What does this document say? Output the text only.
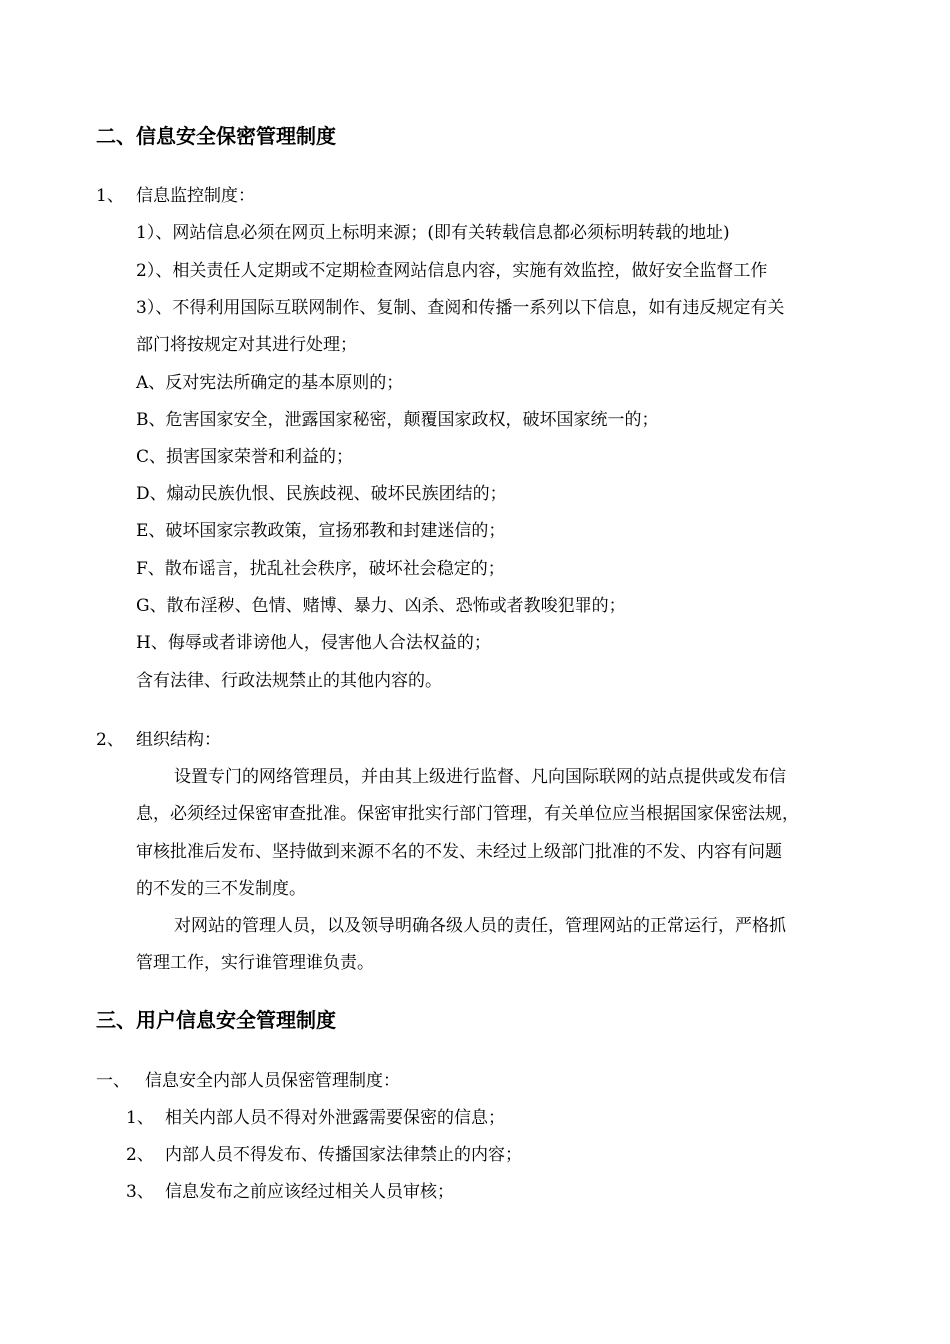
二、信息安全保密管理制度
1、 信息监控制度：
1）、网站信息必须在网页上标明来源；(即有关转载信息都必须标明转载的地址)
2）、相关责任人定期或不定期检查网站信息内容，实施有效监控，做好安全监督工作
3）、不得利用国际互联网制作、复制、查阅和传播一系列以下信息，如有违反规定有关
部门将按规定对其进行处理；
A、反对宪法所确定的基本原则的；
B、危害国家安全，泄露国家秘密，颠覆国家政权，破坏国家统一的；
C、损害国家荣誉和利益的；
D、煽动民族仇恨、民族歧视、破坏民族团结的；
E、破坏国家宗教政策，宣扬邪教和封建迷信的；
F、散布谣言，扰乱社会秩序，破坏社会稳定的；
G、散布淫秽、色情、赌博、暴力、凶杀、恐怖或者教唆犯罪的；
H、侮辱或者诽谤他人，侵害他人合法权益的；
含有法律、行政法规禁止的其他内容的。
2、 组织结构：
设置专门的网络管理员，并由其上级进行监督、凡向国际联网的站点提供或发布信
息，必须经过保密审查批准。保密审批实行部门管理，有关单位应当根据国家保密法规，
审核批准后发布、坚持做到来源不名的不发、未经过上级部门批准的不发、内容有问题
的不发的三不发制度。
对网站的管理人员，以及领导明确各级人员的责任，管理网站的正常运行，严格抓
管理工作，实行谁管理谁负责。
三、用户信息安全管理制度
一、 信息安全内部人员保密管理制度：
1、 相关内部人员不得对外泄露需要保密的信息；
2、 内部人员不得发布、传播国家法律禁止的内容；
3、 信息发布之前应该经过相关人员审核；
